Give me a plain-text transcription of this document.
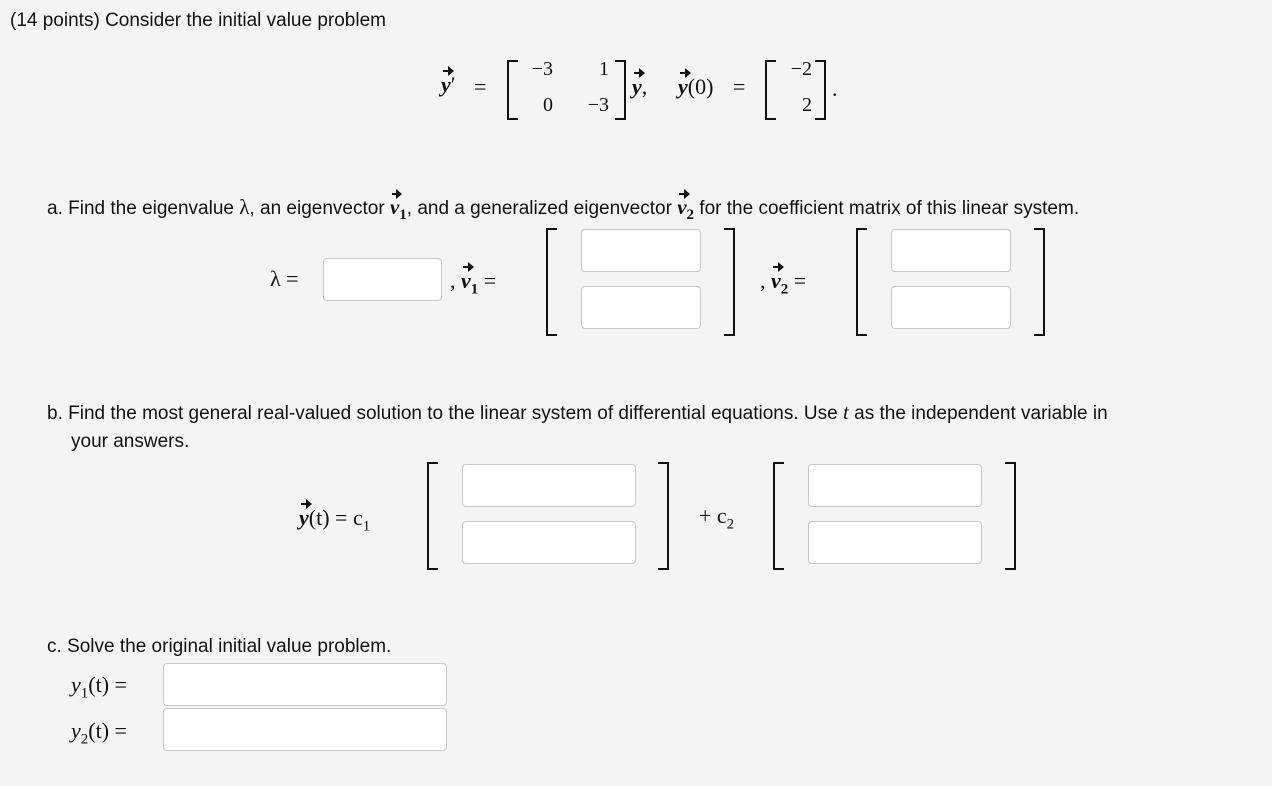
(14 points) Consider the initial value problem
y′ =
−3	1
0	−3
y, y(0) =
−2
2
.
a. Find the eigenvalue λ, an eigenvector $v_1$, and a generalized eigenvector $v_2$ for the coefficient matrix of this linear system.
λ =	, $v_1$ =	, $v_2$ =
b. Find the most general real-valued solution to the linear system of differential equations. Use t as the independent variable in
your answers.
$y(t) = c_1$	+ $c_2$
c. Solve the original initial value problem.
$y_1(t)$ =
$y_2(t)$ =
